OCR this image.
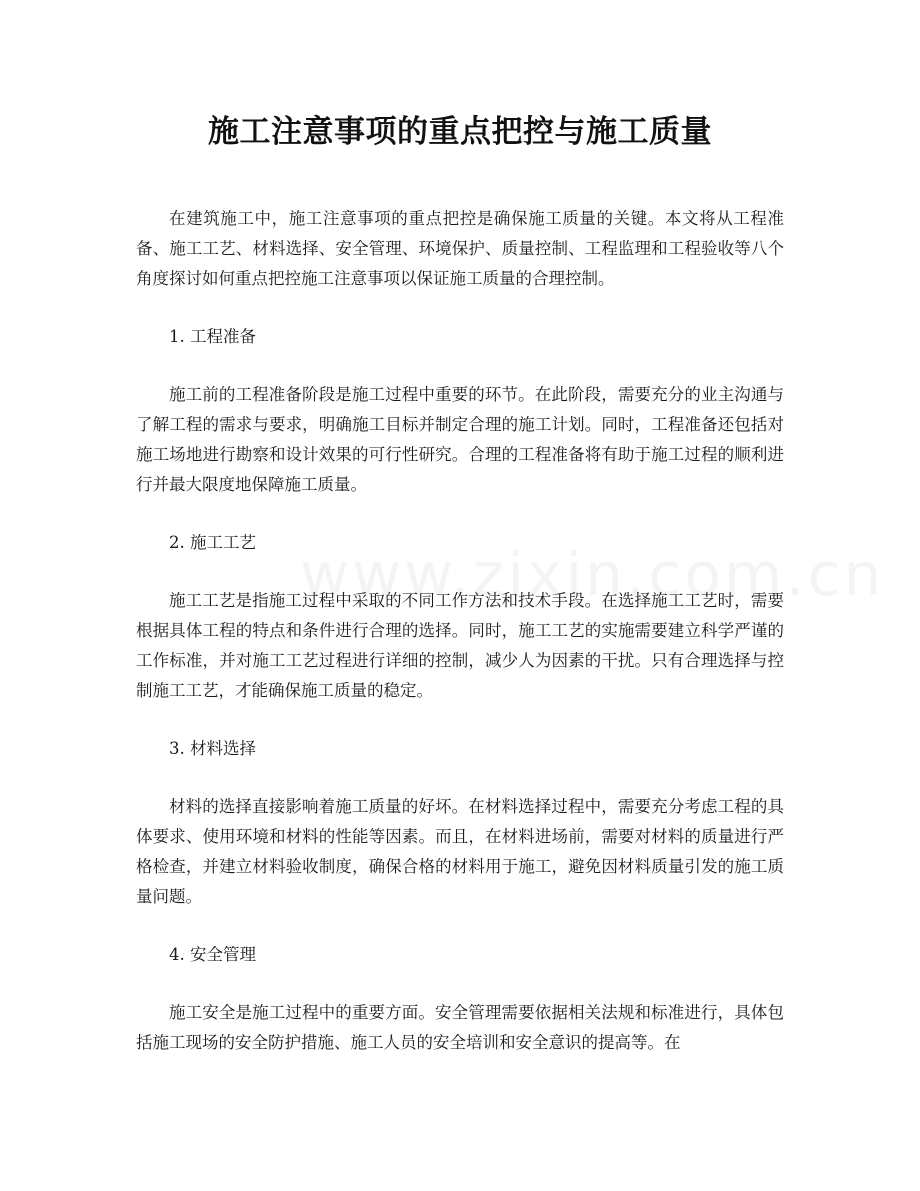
施工注意事项的重点把控与施工质量

在建筑施工中，施工注意事项的重点把控是确保施工质量的关键。本文将从工程准备、施工工艺、材料选择、安全管理、环境保护、质量控制、工程监理和工程验收等八个角度探讨如何重点把控施工注意事项以保证施工质量的合理控制。

1. 工程准备

施工前的工程准备阶段是施工过程中重要的环节。在此阶段，需要充分的业主沟通与了解工程的需求与要求，明确施工目标并制定合理的施工计划。同时，工程准备还包括对施工场地进行勘察和设计效果的可行性研究。合理的工程准备将有助于施工过程的顺利进行并最大限度地保障施工质量。

2. 施工工艺

施工工艺是指施工过程中采取的不同工作方法和技术手段。在选择施工工艺时，需要根据具体工程的特点和条件进行合理的选择。同时，施工工艺的实施需要建立科学严谨的工作标准，并对施工工艺过程进行详细的控制，减少人为因素的干扰。只有合理选择与控制施工工艺，才能确保施工质量的稳定。

3. 材料选择

材料的选择直接影响着施工质量的好坏。在材料选择过程中，需要充分考虑工程的具体要求、使用环境和材料的性能等因素。而且，在材料进场前，需要对材料的质量进行严格检查，并建立材料验收制度，确保合格的材料用于施工，避免因材料质量引发的施工质量问题。

4. 安全管理

施工安全是施工过程中的重要方面。安全管理需要依据相关法规和标准进行，具体包括施工现场的安全防护措施、施工人员的安全培训和安全意识的提高等。在
